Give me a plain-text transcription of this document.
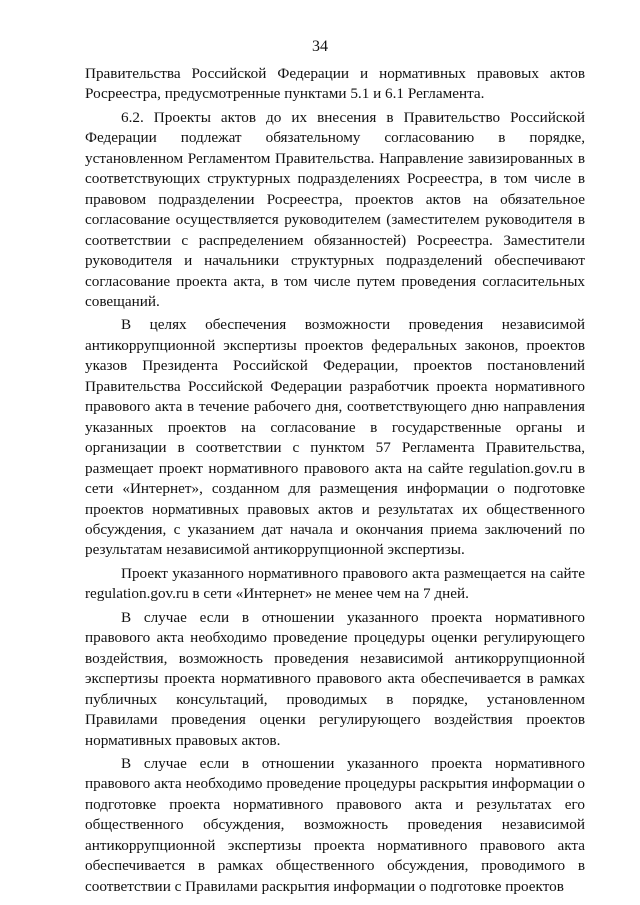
34

Правительства Российской Федерации и нормативных правовых актов Росреестра, предусмотренные пунктами 5.1 и 6.1 Регламента.

6.2. Проекты актов до их внесения в Правительство Российской Федерации подлежат обязательному согласованию в порядке, установленном Регламентом Правительства. Направление завизированных в соответствующих структурных подразделениях Росреестра, в том числе в правовом подразделении Росреестра, проектов актов на обязательное согласование осуществляется руководителем (заместителем руководителя в соответствии с распределением обязанностей) Росреестра. Заместители руководителя и начальники структурных подразделений обеспечивают согласование проекта акта, в том числе путем проведения согласительных совещаний.

В целях обеспечения возможности проведения независимой антикоррупционной экспертизы проектов федеральных законов, проектов указов Президента Российской Федерации, проектов постановлений Правительства Российской Федерации разработчик проекта нормативного правового акта в течение рабочего дня, соответствующего дню направления указанных проектов на согласование в государственные органы и организации в соответствии с пунктом 57 Регламента Правительства, размещает проект нормативного правового акта на сайте regulation.gov.ru в сети «Интернет», созданном для размещения информации о подготовке проектов нормативных правовых актов и результатах их общественного обсуждения, с указанием дат начала и окончания приема заключений по результатам независимой антикоррупционной экспертизы.

Проект указанного нормативного правового акта размещается на сайте regulation.gov.ru в сети «Интернет» не менее чем на 7 дней.

В случае если в отношении указанного проекта нормативного правового акта необходимо проведение процедуры оценки регулирующего воздействия, возможность проведения независимой антикоррупционной экспертизы проекта нормативного правового акта обеспечивается в рамках публичных консультаций, проводимых в порядке, установленном Правилами проведения оценки регулирующего воздействия проектов нормативных правовых актов.

В случае если в отношении указанного проекта нормативного правового акта необходимо проведение процедуры раскрытия информации о подготовке проекта нормативного правового акта и результатах его общественного обсуждения, возможность проведения независимой антикоррупционной экспертизы проекта нормативного правового акта обеспечивается в рамках общественного обсуждения, проводимого в соответствии с Правилами раскрытия информации о подготовке проектов
